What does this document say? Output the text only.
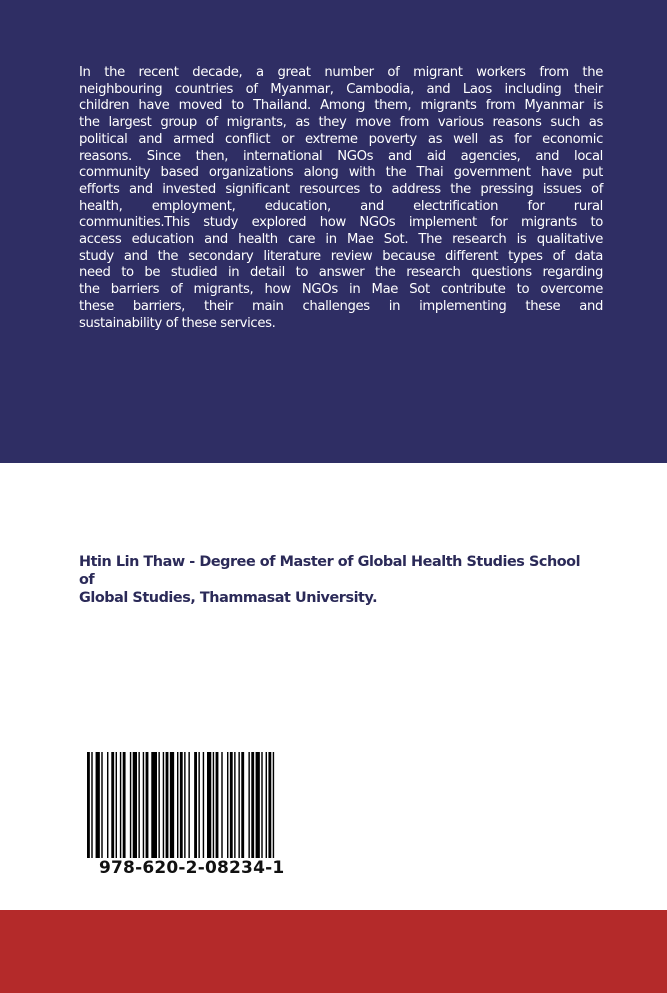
In the recent decade, a great number of migrant workers from the
neighbouring countries of Myanmar, Cambodia, and Laos including their
children have moved to Thailand. Among them, migrants from Myanmar is
the largest group of migrants, as they move from various reasons such as
political and armed conflict or extreme poverty as well as for economic
reasons. Since then, international NGOs and aid agencies, and local
community based organizations along with the Thai government have put
efforts and invested significant resources to address the pressing issues of
health, employment, education, and electrification for rural
communities.This study explored how NGOs implement for migrants to
access education and health care in Mae Sot. The research is qualitative
study and the secondary literature review because different types of data
need to be studied in detail to answer the research questions regarding
the barriers of migrants, how NGOs in Mae Sot contribute to overcome
these barriers, their main challenges in implementing these and
sustainability of these services.
Htin Lin Thaw - Degree of Master of Global Health Studies School of
Global Studies, Thammasat University.
978-620-2-08234-1
